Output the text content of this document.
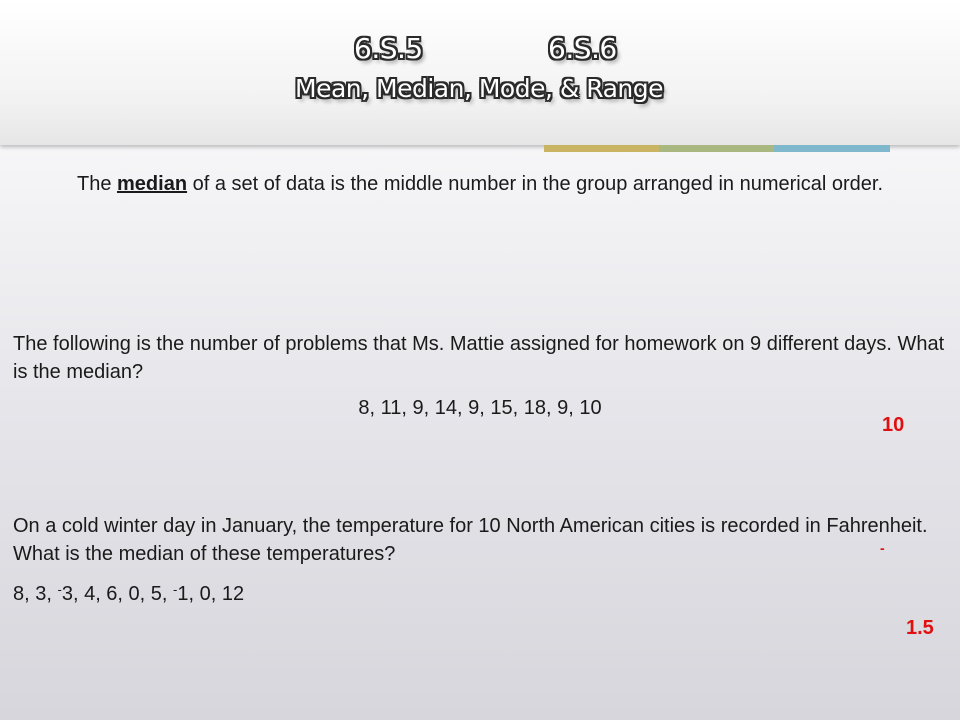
6.S.5	6.S.6
Mean, Median, Mode, & Range
The median of a set of data is the middle number in the group arranged in numerical order.
The following is the number of problems that Ms. Mattie assigned for homework on 9 different days. What is the median?
8, 11, 9, 14, 9, 15, 18, 9, 10
10
On a cold winter day in January, the temperature for 10 North American cities is recorded in Fahrenheit. What is the median of these temperatures?
8, 3, -3, 4, 6, 0, 5, -1, 0, 12
-
1.5
